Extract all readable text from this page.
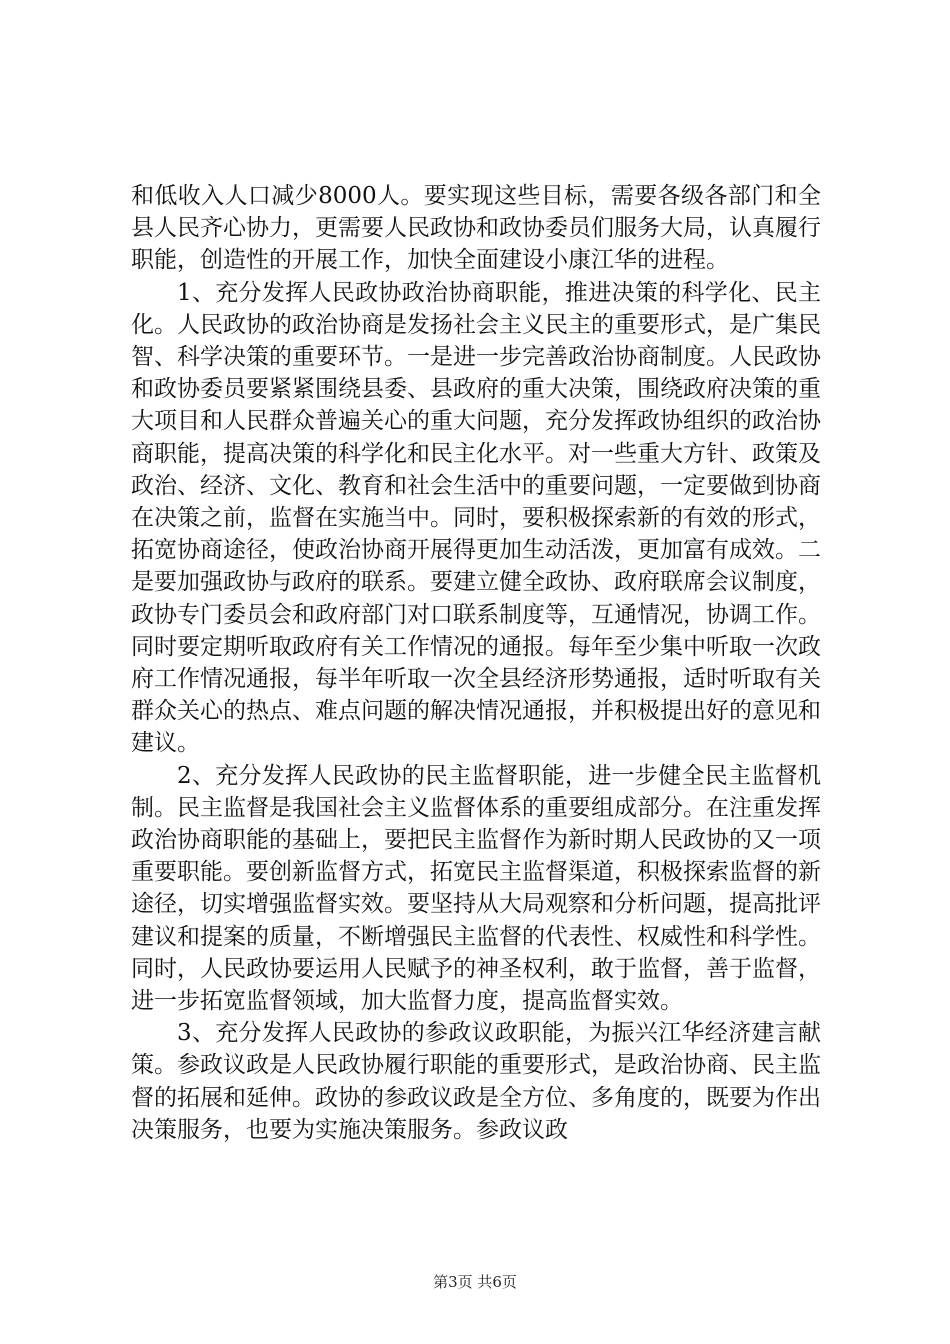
和低收入人口减少8000人。要实现这些目标，需要各级各部门和全县人民齐心协力，更需要人民政协和政协委员们服务大局，认真履行职能，创造性的开展工作，加快全面建设小康江华的进程。

1、充分发挥人民政协政治协商职能，推进决策的科学化、民主化。人民政协的政治协商是发扬社会主义民主的重要形式，是广集民智、科学决策的重要环节。一是进一步完善政治协商制度。人民政协和政协委员要紧紧围绕县委、县政府的重大决策，围绕政府决策的重大项目和人民群众普遍关心的重大问题，充分发挥政协组织的政治协商职能，提高决策的科学化和民主化水平。对一些重大方针、政策及政治、经济、文化、教育和社会生活中的重要问题，一定要做到协商在决策之前，监督在实施当中。同时，要积极探索新的有效的形式，拓宽协商途径，使政治协商开展得更加生动活泼，更加富有成效。二是要加强政协与政府的联系。要建立健全政协、政府联席会议制度，政协专门委员会和政府部门对口联系制度等，互通情况，协调工作。同时要定期听取政府有关工作情况的通报。每年至少集中听取一次政府工作情况通报，每半年听取一次全县经济形势通报，适时听取有关群众关心的热点、难点问题的解决情况通报，并积极提出好的意见和建议。

2、充分发挥人民政协的民主监督职能，进一步健全民主监督机制。民主监督是我国社会主义监督体系的重要组成部分。在注重发挥政治协商职能的基础上，要把民主监督作为新时期人民政协的又一项重要职能。要创新监督方式，拓宽民主监督渠道，积极探索监督的新途径，切实增强监督实效。要坚持从大局观察和分析问题，提高批评建议和提案的质量，不断增强民主监督的代表性、权威性和科学性。同时，人民政协要运用人民赋予的神圣权利，敢于监督，善于监督，进一步拓宽监督领域，加大监督力度，提高监督实效。

3、充分发挥人民政协的参政议政职能，为振兴江华经济建言献策。参政议政是人民政协履行职能的重要形式，是政治协商、民主监督的拓展和延伸。政协的参政议政是全方位、多角度的，既要为作出决策服务，也要为实施决策服务。参政议政

第3页 共6页
